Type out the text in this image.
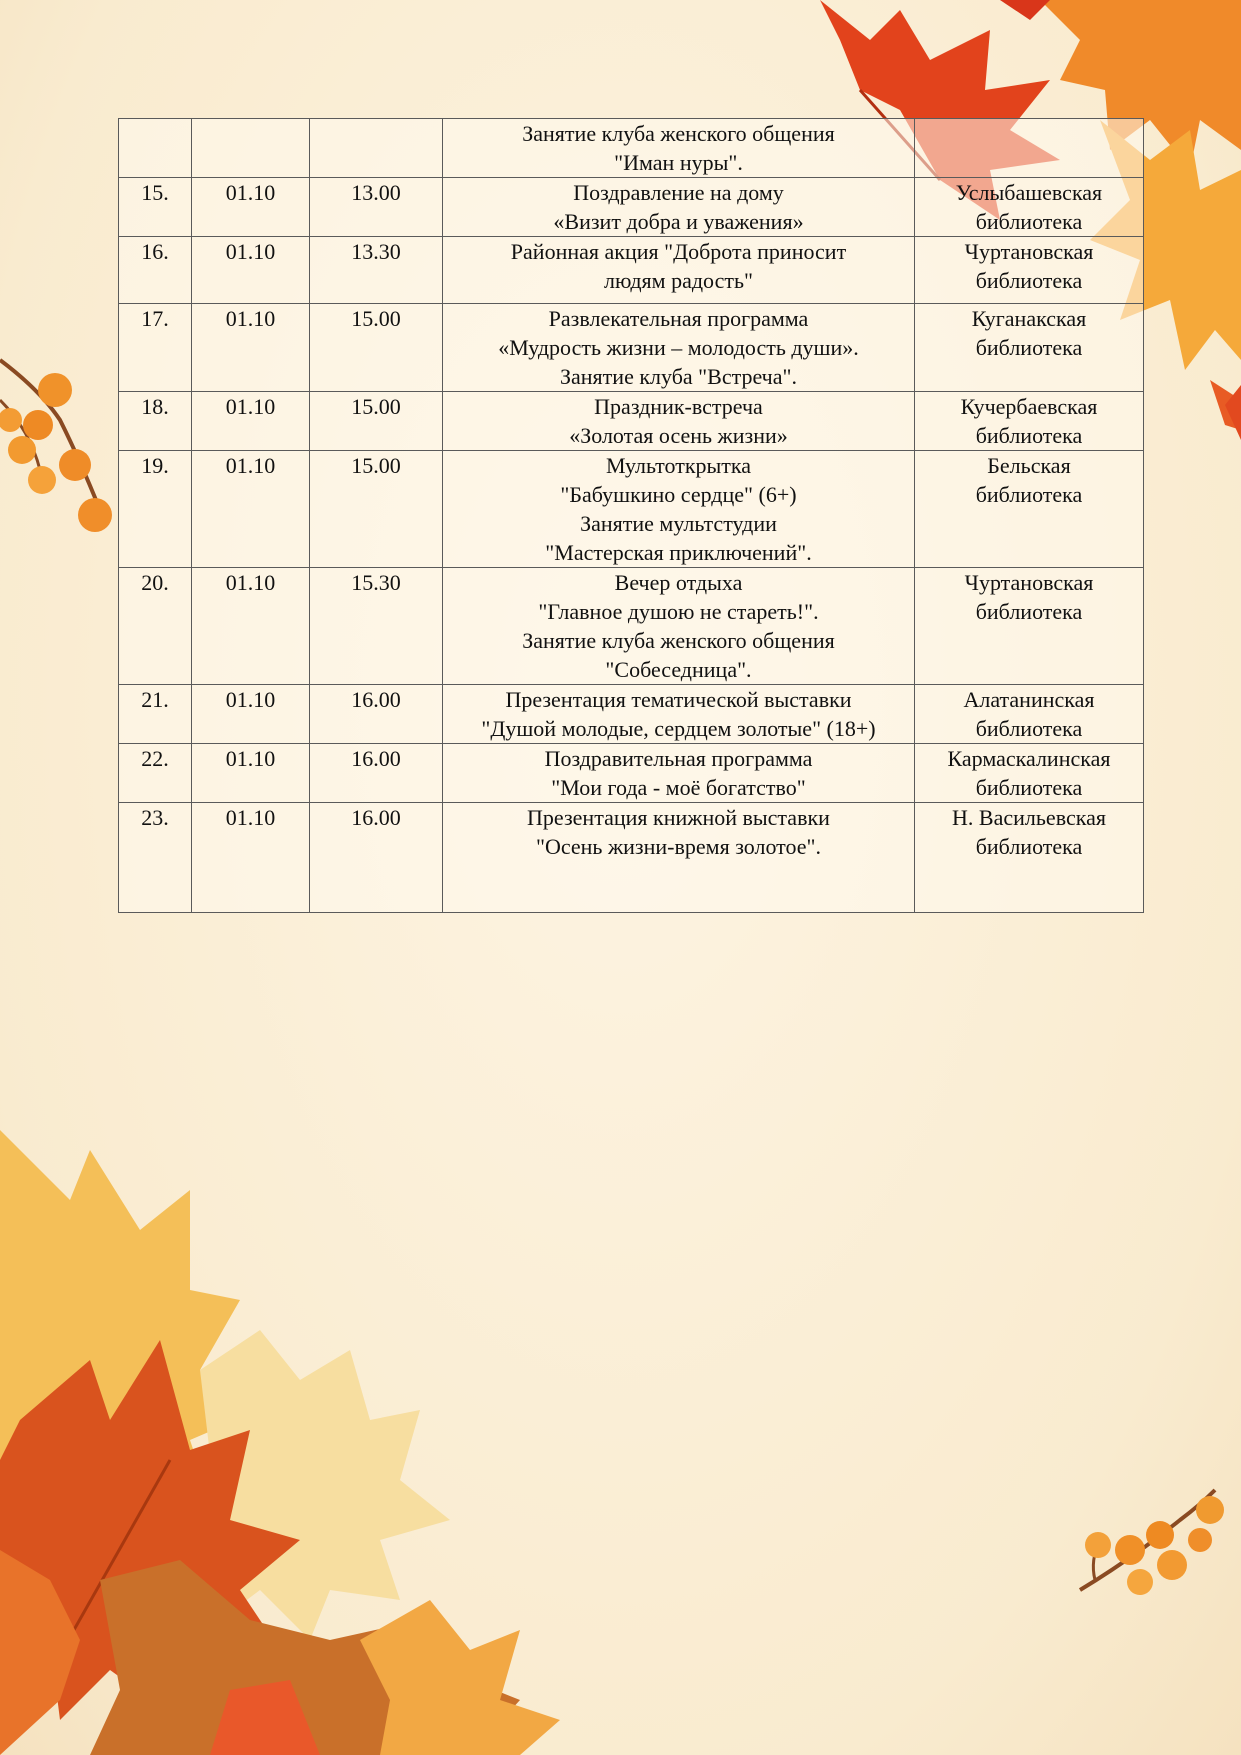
			Занятие клуба женского общения
"Иман нуры".	

15.	01.10	13.00	Поздравление на дому
«Визит добра и уважения»	Услыбашевская
библиотека

16.	01.10	13.30	Районная акция "Доброта приносит
людям радость"	Чуртановская
библиотека

17.	01.10	15.00	Развлекательная программа
«Мудрость жизни – молодость души».
Занятие клуба "Встреча".	Куганакская
библиотека

18.	01.10	15.00	Праздник-встреча
«Золотая осень жизни»	Кучербаевская
библиотека

19.	01.10	15.00	Мультоткрытка
"Бабушкино сердце" (6+)
Занятие мультстудии
"Мастерская приключений".	Бельская
библиотека

20.	01.10	15.30	Вечер отдыха
"Главное душою не стареть!".
Занятие клуба женского общения
"Собеседница".	Чуртановская
библиотека

21.	01.10	16.00	Презентация тематической выставки
"Душой молодые, сердцем золотые" (18+)	Алатанинская
библиотека

22.	01.10	16.00	Поздравительная программа
"Мои года - моё богатство"	Кармаскалинская
библиотека

23.	01.10	16.00	Презентация книжной выставки
"Осень жизни-время золотое".	Н. Васильевская
библиотека
